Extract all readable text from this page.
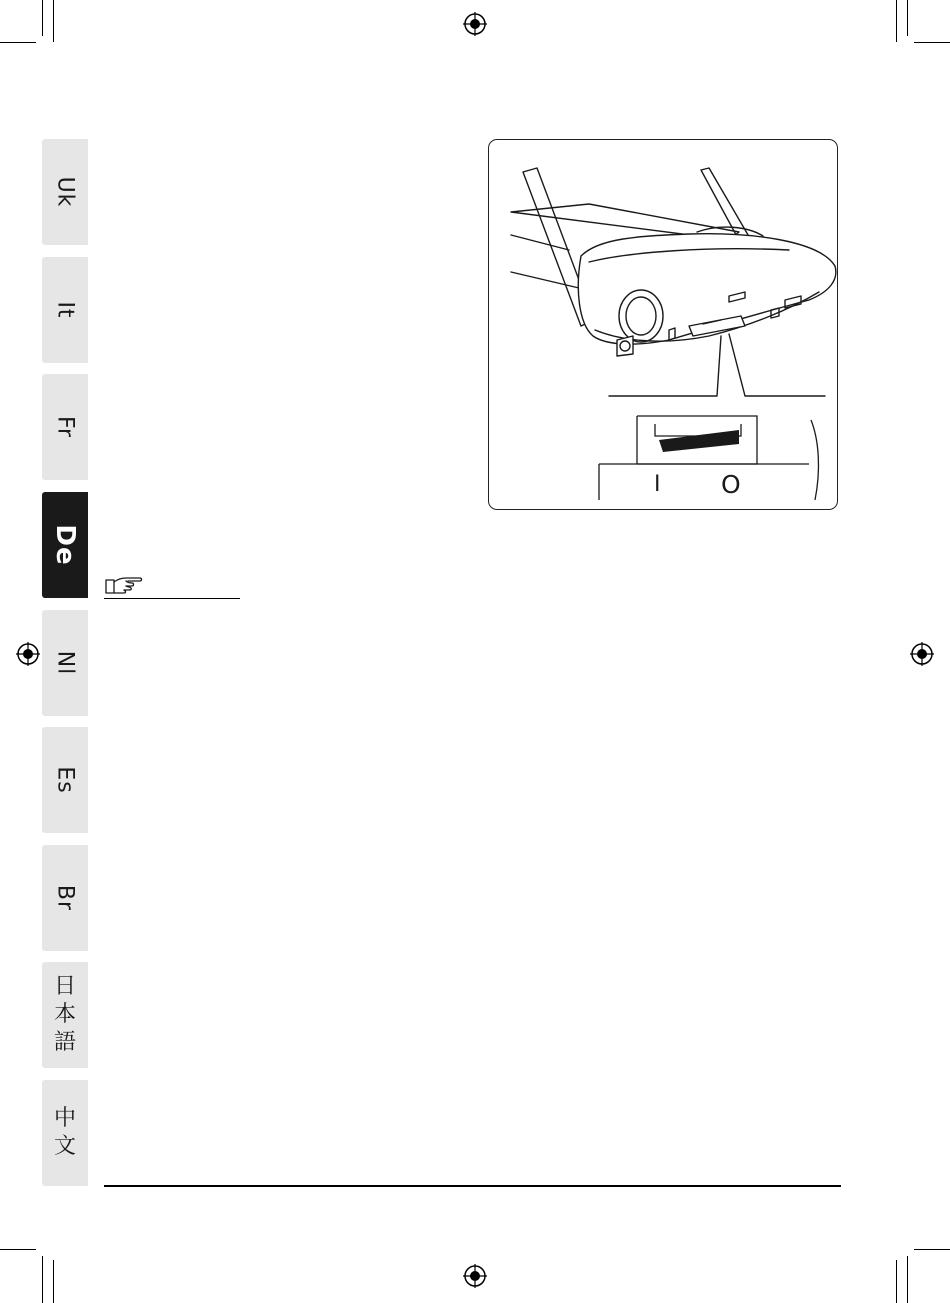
Uk
It
Fr
De
Nl
Es
Br
日本語
中文
I O
